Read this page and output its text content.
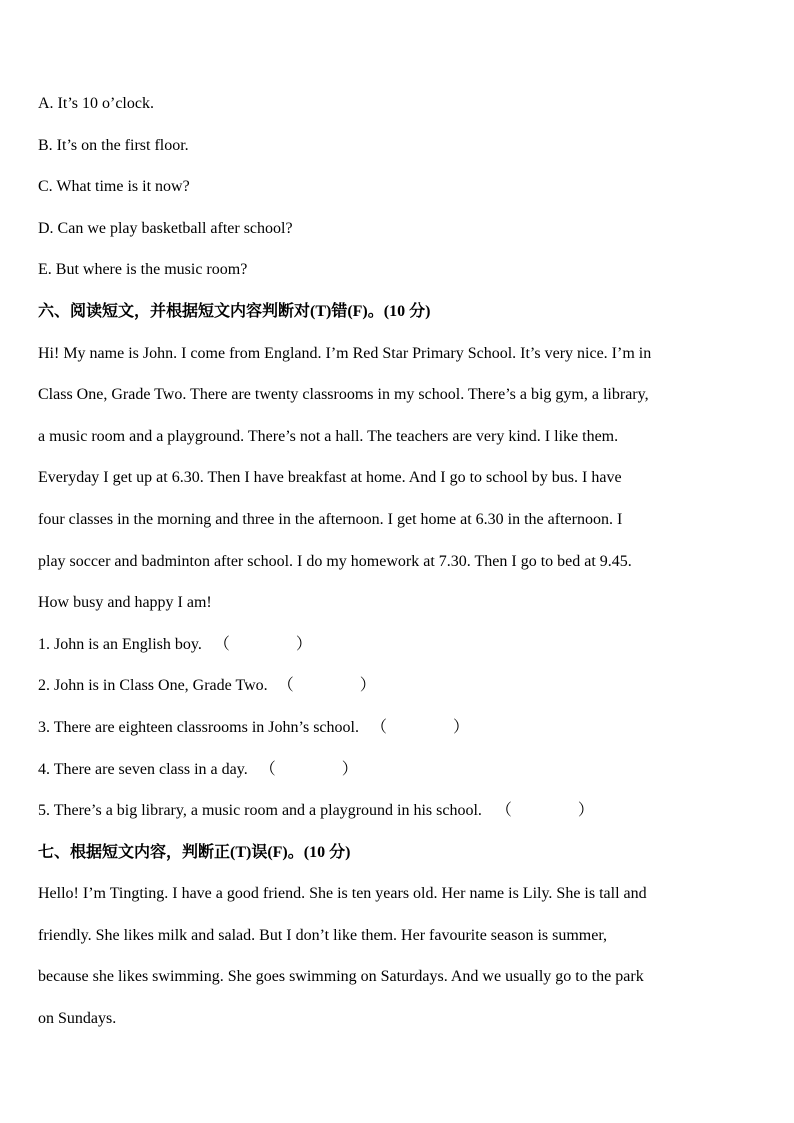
A. It’s 10 o’clock.
B. It’s on the first floor.
C. What time is it now?
D. Can we play basketball after school?
E. But where is the music room?
六、阅读短文，并根据短文内容判断对(T)错(F)。(10 分)
Hi! My name is John. I come from England. I’m Red Star Primary School. It’s very nice. I’m in
Class One, Grade Two. There are twenty classrooms in my school. There’s a big gym, a library,
a music room and a playground. There’s not a hall. The teachers are very kind. I like them.
Everyday I get up at 6.30. Then I have breakfast at home. And I go to school by bus. I have
four classes in the morning and three in the afternoon. I get home at 6.30 in the afternoon. I
play soccer and badminton after school. I do my homework at 7.30. Then I go to bed at 9.45.
How busy and happy I am!
1. John is an English boy. （	）
2. John is in Class One, Grade Two. （	）
3. There are eighteen classrooms in John’s school. （	）
4. There are seven class in a day. （	）
5. There’s a big library, a music room and a playground in his school. （	）
七、根据短文内容，判断正(T)误(F)。(10 分)
Hello! I’m Tingting. I have a good friend. She is ten years old. Her name is Lily. She is tall and
friendly. She likes milk and salad. But I don’t like them. Her favourite season is summer,
because she likes swimming. She goes swimming on Saturdays. And we usually go to the park
on Sundays.
